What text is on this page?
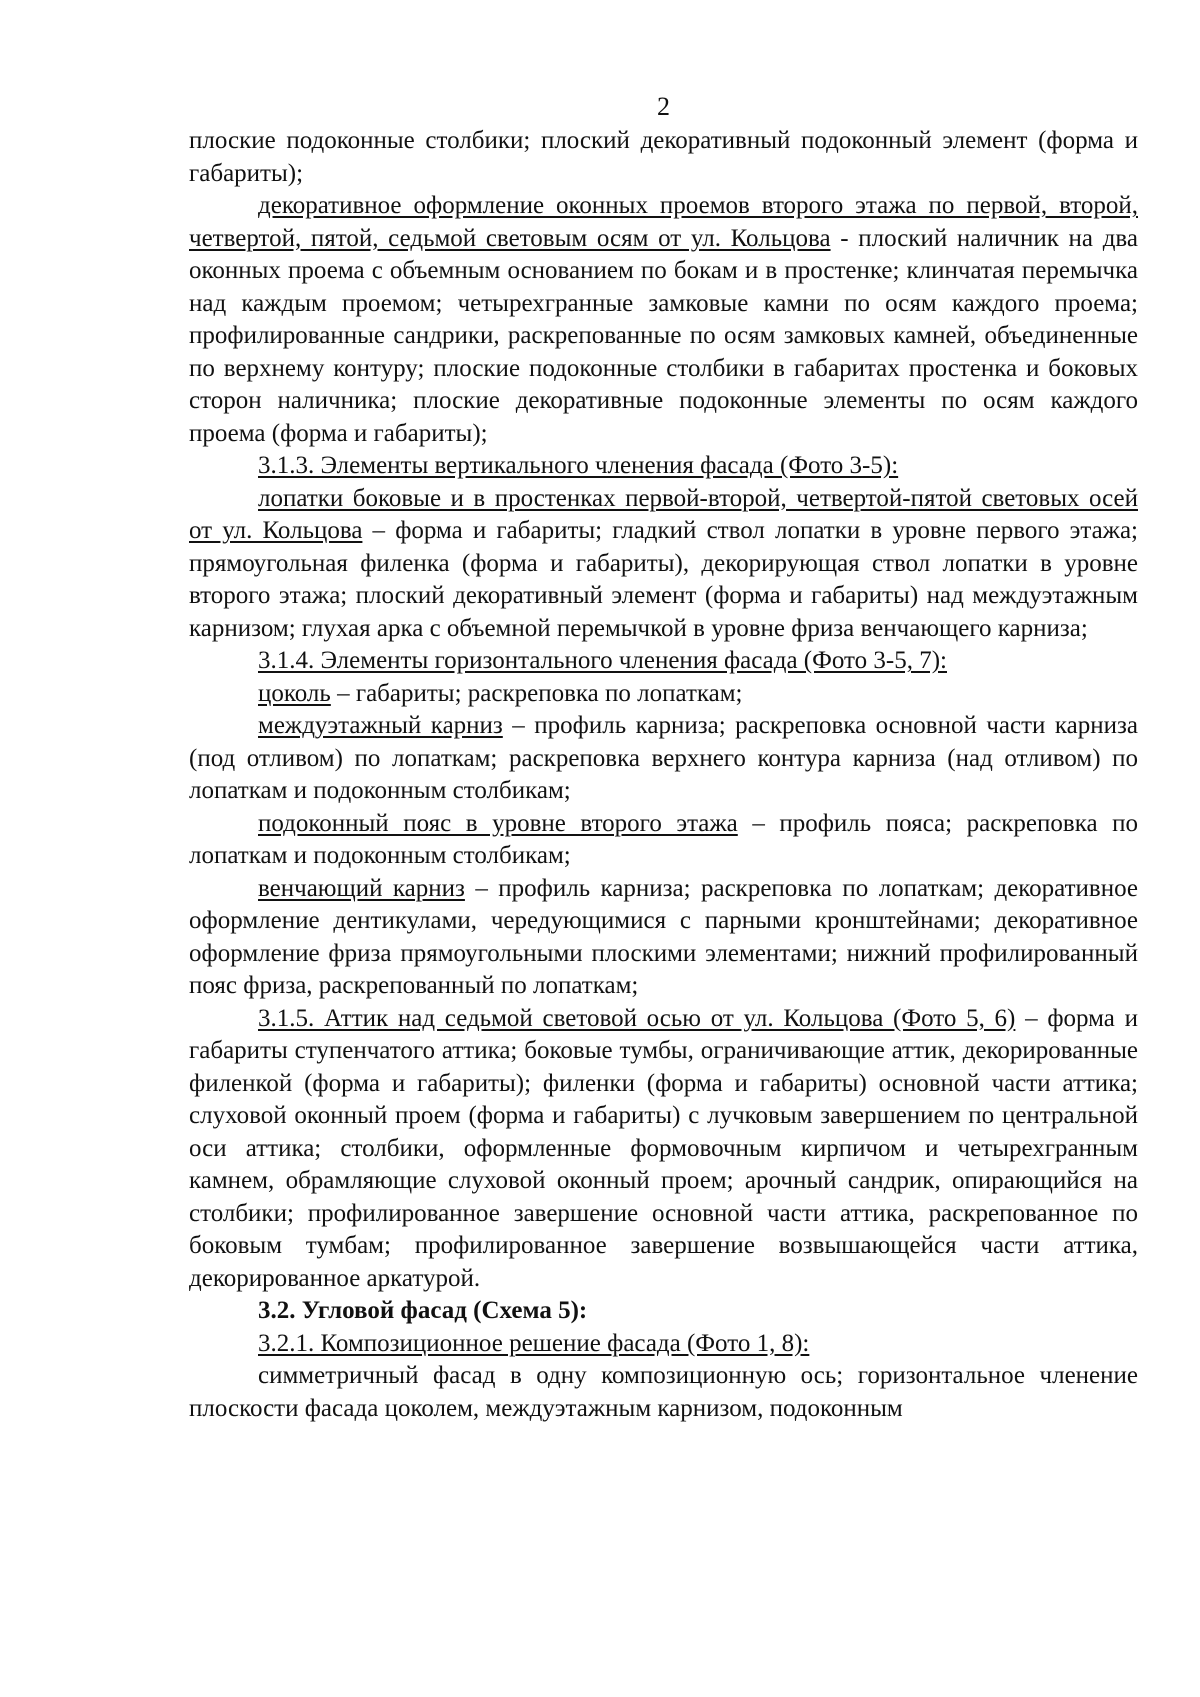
2

плоские подоконные столбики; плоский декоративный подоконный элемент (форма и габариты);

декоративное оформление оконных проемов второго этажа по первой, второй, четвертой, пятой, седьмой световым осям от ул. Кольцова - плоский наличник на два оконных проема с объемным основанием по бокам и в простенке; клинчатая перемычка над каждым проемом; четырехгранные замковые камни по осям каждого проема; профилированные сандрики, раскрепованные по осям замковых камней, объединенные по верхнему контуру; плоские подоконные столбики в габаритах простенка и боковых сторон наличника; плоские декоративные подоконные элементы по осям каждого проема (форма и габариты);

3.1.3. Элементы вертикального членения фасада (Фото 3-5):

лопатки боковые и в простенках первой-второй, четвертой-пятой световых осей от ул. Кольцова – форма и габариты; гладкий ствол лопатки в уровне первого этажа; прямоугольная филенка (форма и габариты), декорирующая ствол лопатки в уровне второго этажа; плоский декоративный элемент (форма и габариты) над междуэтажным карнизом; глухая арка с объемной перемычкой в уровне фриза венчающего карниза;

3.1.4. Элементы горизонтального членения фасада (Фото 3-5, 7):

цоколь – габариты; раскреповка по лопаткам;

междуэтажный карниз – профиль карниза; раскреповка основной части карниза (под отливом) по лопаткам; раскреповка верхнего контура карниза (над отливом) по лопаткам и подоконным столбикам;

подоконный пояс в уровне второго этажа – профиль пояса; раскреповка по лопаткам и подоконным столбикам;

венчающий карниз – профиль карниза; раскреповка по лопаткам; декоративное оформление дентикулами, чередующимися с парными кронштейнами; декоративное оформление фриза прямоугольными плоскими элементами; нижний профилированный пояс фриза, раскрепованный по лопаткам;

3.1.5. Аттик над седьмой световой осью от ул. Кольцова (Фото 5, 6) – форма и габариты ступенчатого аттика; боковые тумбы, ограничивающие аттик, декорированные филенкой (форма и габариты); филенки (форма и габариты) основной части аттика; слуховой оконный проем (форма и габариты) с лучковым завершением по центральной оси аттика; столбики, оформленные формовочным кирпичом и четырехгранным камнем, обрамляющие слуховой оконный проем; арочный сандрик, опирающийся на столбики; профилированное завершение основной части аттика, раскрепованное по боковым тумбам; профилированное завершение возвышающейся части аттика, декорированное аркатурой.

3.2. Угловой фасад (Схема 5):

3.2.1. Композиционное решение фасада (Фото 1, 8):

симметричный фасад в одну композиционную ось; горизонтальное членение плоскости фасада цоколем, междуэтажным карнизом, подоконным
